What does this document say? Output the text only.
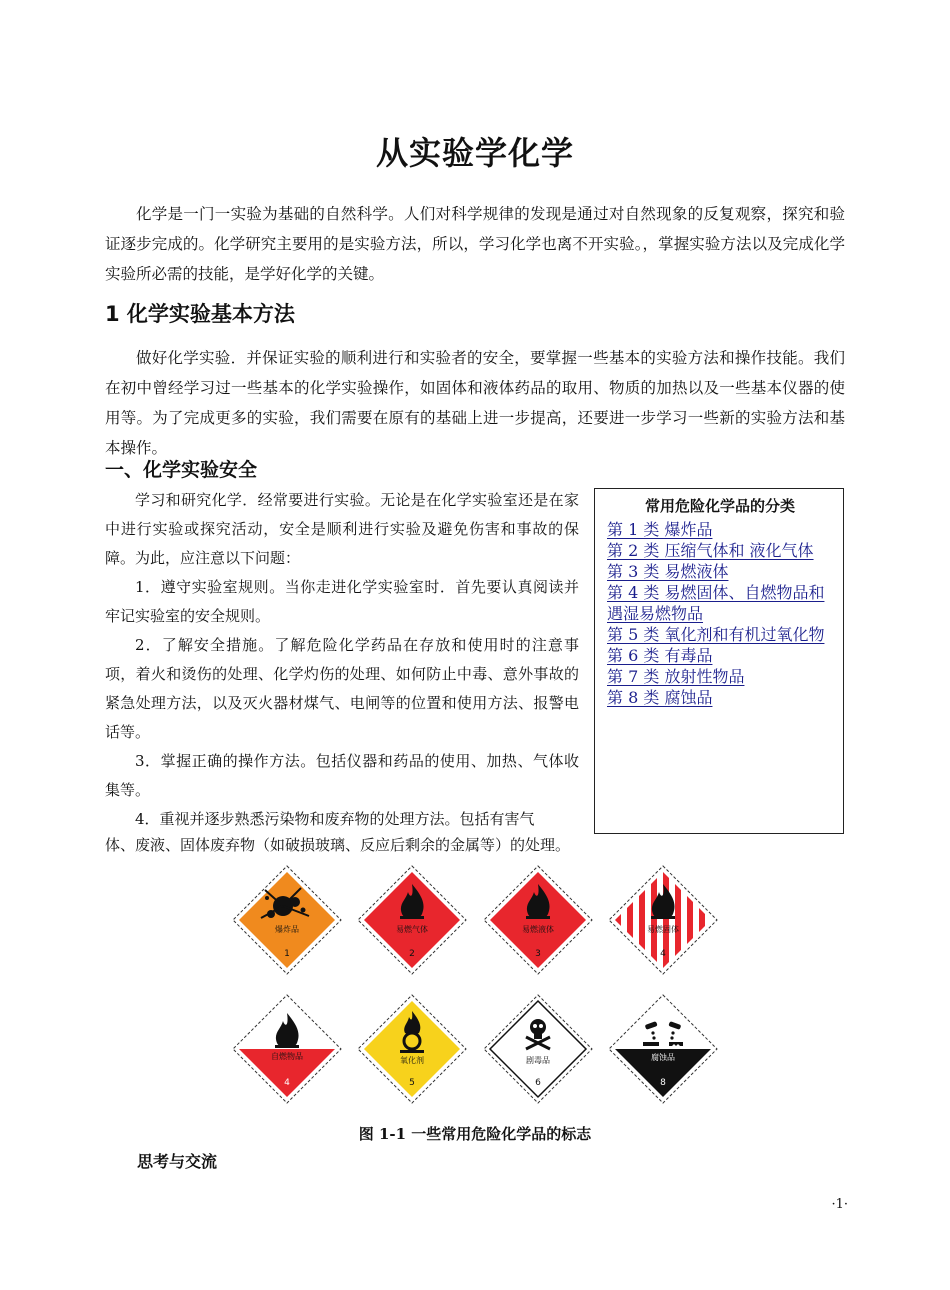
从实验学化学

化学是一门一实验为基础的自然科学。人们对科学规律的发现是通过对自然现象的反复观察，探究和验证逐步完成的。化学研究主要用的是实验方法，所以，学习化学也离不开实验。，掌握实验方法以及完成化学实验所必需的技能，是学好化学的关键。

1 化学实验基本方法

做好化学实验．并保证实验的顺利进行和实验者的安全，要掌握一些基本的实验方法和操作技能。我们在初中曾经学习过一些基本的化学实验操作，如固体和液体药品的取用、物质的加热以及一些基本仪器的使用等。为了完成更多的实验，我们需要在原有的基础上进一步提高，还要进一步学习一些新的实验方法和基本操作。

一、化学实验安全

学习和研究化学．经常要进行实验。无论是在化学实验室还是在家中进行实验或探究活动，安全是顺利进行实验及避免伤害和事故的保障。为此，应注意以下问题：

1．遵守实验室规则。当你走进化学实验室时．首先要认真阅读并牢记实验室的安全规则。

2．了解安全措施。了解危险化学药品在存放和使用时的注意事项，着火和烫伤的处理、化学灼伤的处理、如何防止中毒、意外事故的紧急处理方法，以及灭火器材煤气、电闸等的位置和使用方法、报警电话等。

3．掌握正确的操作方法。包括仪器和药品的使用、加热、气体收集等。

4．重视并逐步熟悉污染物和废弃物的处理方法。包括有害气

常用危险化学品的分类
第 1 类 爆炸品
第 2 类 压缩气体和 液化气体
第 3 类 易燃液体
第 4 类 易燃固体、自燃物品和遇湿易燃物品
第 5 类 氧化剂和有机过氧化物
第 6 类 有毒品
第 7 类 放射性物品
第 8 类 腐蚀品

体、废液、固体废弃物（如破损玻璃、反应后剩余的金属等）的处理。

爆炸品
1
易燃气体
2
易燃液体
3
易燃固体
4
自燃物品
4
氧化剂
5
剧毒品
6
腐蚀品
8
图 1-1 一些常用危险化学品的标志
思考与交流
·1·
